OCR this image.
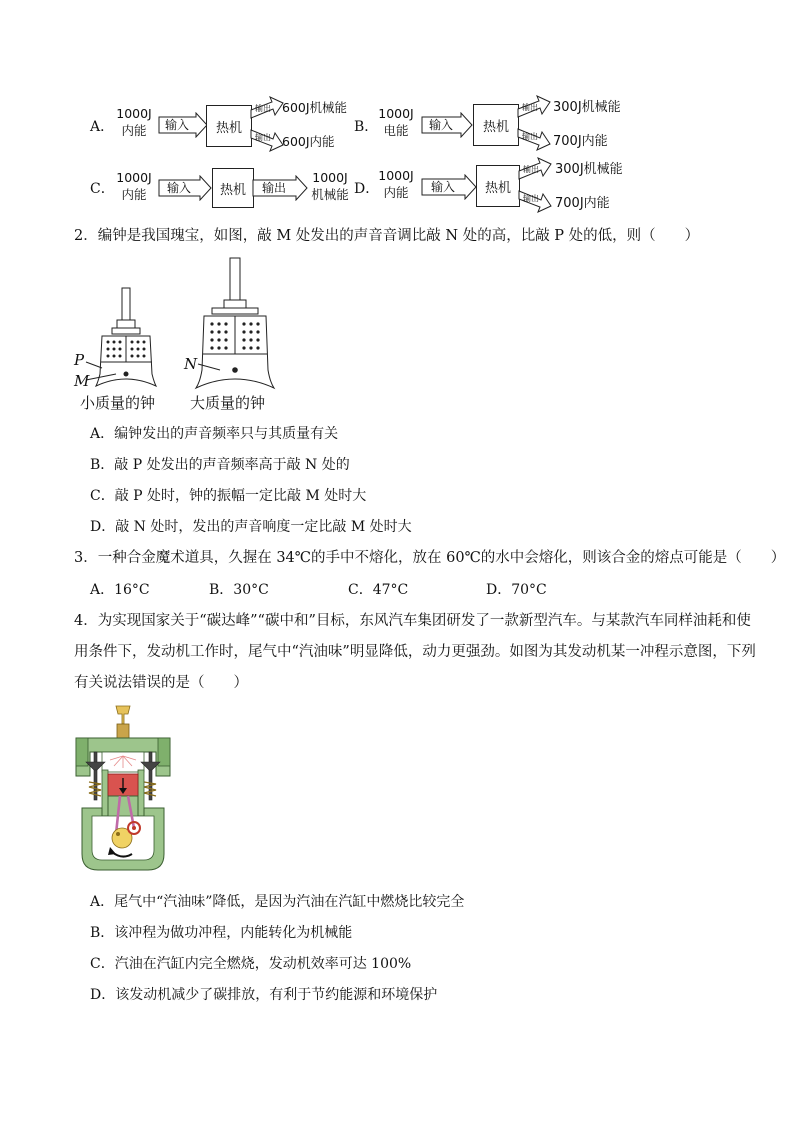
A．
1000J
内能	输入	热机
输出
输出
600J机械能
600J内能
B．
1000J
电能	输入	热机
输出
输出
300J机械能
700J内能
C．
1000J
内能	输入	热机	输出
1000J
机械能 D．
1000J
内能	输入	热机
输出
输出
300J机械能
700J内能
2．编钟是我国瑰宝，如图，敲 M 处发出的声音音调比敲 N 处的高，比敲 P 处的低，则（　　）
P
M
N
小质量的钟 大质量的钟
A．编钟发出的声音频率只与其质量有关
B．敲 P 处发出的声音频率高于敲 N 处的
C．敲 P 处时，钟的振幅一定比敲 M 处时大
D．敲 N 处时，发出的声音响度一定比敲 M 处时大
3．一种合金魔术道具，久握在 34℃的手中不熔化，放在 60℃的水中会熔化，则该合金的熔点可能是（　　）
A．16°C	B．30°C	C．47°C	D．70°C
4．为实现国家关于“碳达峰”“碳中和”目标，东风汽车集团研发了一款新型汽车。与某款汽车同样油耗和使
用条件下，发动机工作时，尾气中“汽油味”明显降低，动力更强劲。如图为其发动机某一冲程示意图，下列
有关说法错误的是（　　）
A．尾气中“汽油味”降低，是因为汽油在汽缸中燃烧比较完全
B．该冲程为做功冲程，内能转化为机械能
C．汽油在汽缸内完全燃烧，发动机效率可达 100%
D．该发动机减少了碳排放，有利于节约能源和环境保护
